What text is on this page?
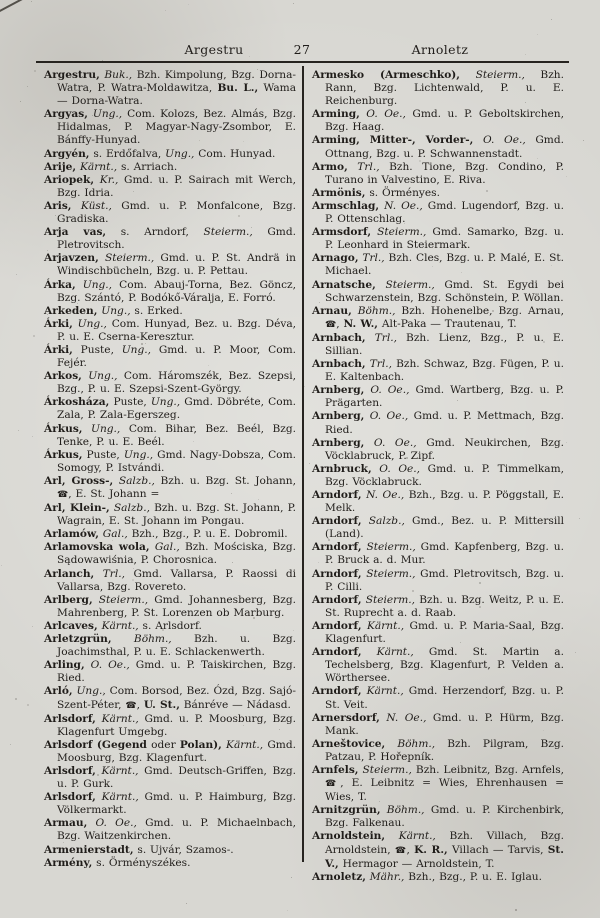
Argestru	27	Arnoletz

Argestru, Buk., Bzh. Kimpolung, Bzg. Dorna-Watra, P. Watra-Moldawitza, Bu. L., Wama — Dorna-Watra.

Argyas, Ung., Com. Kolozs, Bez. Almás, Bzg. Hidalmas, P. Magyar-Nagy-Zsombor, E. Bánffy-Hunyad.

Argyén, s. Erdőfalva, Ung., Com. Hunyad.

Arije, Kärnt., s. Arriach.

Ariopek, Kr., Gmd. u. P. Sairach mit Werch, Bzg. Idria.

Aris, Küst., Gmd. u. P. Monfalcone, Bzg. Gradiska.

Arja vas, s. Arndorf, Steierm., Gmd. Pletrovitsch.

Arjavzen, Steierm., Gmd. u. P. St. Andrä in Windischbücheln, Bzg. u. P. Pettau.

Árka, Ung., Com. Abauj-Torna, Bez. Göncz, Bzg. Szántó, P. Bodókő-Váralja, E. Forró.

Arkeden, Ung., s. Erked.

Árki, Ung., Com. Hunyad, Bez. u. Bzg. Déva, P. u. E. Cserna-Keresztur.

Árki, Puste, Ung., Gmd. u. P. Moor, Com. Fejér.

Arkos, Ung., Com. Háromszék, Bez. Szepsi, Bzg., P. u. E. Szepsi-Szent-György.

Árkosháza, Puste, Ung., Gmd. Döbréte, Com. Zala, P. Zala-Egerszeg.

Árkus, Ung., Com. Bihar, Bez. Beél, Bzg. Tenke, P. u. E. Beél.

Árkus, Puste, Ung., Gmd. Nagy-Dobsza, Com. Somogy, P. Istvándi.

Arl, Gross-, Salzb., Bzh. u. Bzg. St. Johann, ☎, E. St. Johann =

Arl, Klein-, Salzb., Bzh. u. Bzg. St. Johann, P. Wagrain, E. St. Johann im Pongau.

Arlamów, Gal., Bzh., Bzg., P. u. E. Dobromil.

Arlamovska wola, Gal., Bzh. Mościska, Bzg. Sądowawiśnia, P. Chorosnica.

Arlanch, Trl., Gmd. Vallarsa, P. Raossi di Vallarsa, Bzg. Rovereto.

Arlberg, Steierm., Gmd. Johannesberg, Bzg. Mahrenberg, P. St. Lorenzen ob Marburg.

Arlcaves, Kärnt., s. Arlsdorf.

Arletzgrün, Böhm., Bzh. u. Bzg. Joachimsthal, P. u. E. Schlackenwerth.

Arling, O. Oe., Gmd. u. P. Taiskirchen, Bzg. Ried.

Arló, Ung., Com. Borsod, Bez. Ózd, Bzg. Sajó-Szent-Péter, ☎, U. St., Bánréve — Nádasd.

Arlsdorf, Kärnt., Gmd. u. P. Moosburg, Bzg. Klagenfurt Umgebg.

Arlsdorf (Gegend oder Polan), Kärnt., Gmd. Moosburg, Bzg. Klagenfurt.

Arlsdorf, Kärnt., Gmd. Deutsch-Griffen, Bzg. u. P. Gurk.

Arlsdorf, Kärnt., Gmd. u. P. Haimburg, Bzg. Völkermarkt.

Armau, O. Oe., Gmd. u. P. Michaelnbach, Bzg. Waitzenkirchen.

Armenierstadt, s. Ujvár, Szamos-.

Armény, s. Örményszékes.

Armesko (Armeschko), Steierm., Bzh. Rann, Bzg. Lichtenwald, P. u. E. Reichenburg.

Arming, O. Oe., Gmd. u. P. Geboltskirchen, Bzg. Haag.

Arming, Mitter-, Vorder-, O. Oe., Gmd. Ottnang, Bzg. u. P. Schwannenstadt.

Armo, Trl., Bzh. Tione, Bzg. Condino, P. Turano in Valvestino, E. Riva.

Armönis, s. Örményes.

Armschlag, N. Oe., Gmd. Lugendorf, Bzg. u. P. Ottenschlag.

Armsdorf, Steierm., Gmd. Samarko, Bzg. u. P. Leonhard in Steiermark.

Arnago, Trl., Bzh. Cles, Bzg. u. P. Malé, E. St. Michael.

Arnatsche, Steierm., Gmd. St. Egydi bei Schwarzenstein, Bzg. Schönstein, P. Wöllan.

Arnau, Böhm., Bzh. Hohenelbe, Bzg. Arnau, ☎, N. W., Alt-Paka — Trautenau, T.

Arnbach, Trl., Bzh. Lienz, Bzg., P. u. E. Sillian.

Arnbach, Trl., Bzh. Schwaz, Bzg. Fügen, P. u. E. Kaltenbach.

Arnberg, O. Oe., Gmd. Wartberg, Bzg. u. P. Prägarten.

Arnberg, O. Oe., Gmd. u. P. Mettmach, Bzg. Ried.

Arnberg, O. Oe., Gmd. Neukirchen, Bzg. Vöcklabruck, P. Zipf.

Arnbruck, O. Oe., Gmd. u. P. Timmelkam, Bzg. Vöcklabruck.

Arndorf, N. Oe., Bzh., Bzg. u. P. Pöggstall, E. Melk.

Arndorf, Salzb., Gmd., Bez. u. P. Mittersill (Land).

Arndorf, Steierm., Gmd. Kapfenberg, Bzg. u. P. Bruck a. d. Mur.

Arndorf, Steierm., Gmd. Pletrovitsch, Bzg. u. P. Cilli.

Arndorf, Steierm., Bzh. u. Bzg. Weitz, P. u. E. St. Ruprecht a. d. Raab.

Arndorf, Kärnt., Gmd. u. P. Maria-Saal, Bzg. Klagenfurt.

Arndorf, Kärnt., Gmd. St. Martin a. Techelsberg, Bzg. Klagenfurt, P. Velden a. Wörthersee.

Arndorf, Kärnt., Gmd. Herzendorf, Bzg. u. P. St. Veit.

Arnersdorf, N. Oe., Gmd. u. P. Hürm, Bzg. Mank.

Arneštovice, Böhm., Bzh. Pilgram, Bzg. Patzau, P. Hořepník.

Arnfels, Steierm., Bzh. Leibnitz, Bzg. Arnfels, ☎, E. Leibnitz = Wies, Ehrenhausen = Wies, T.

Arnitzgrün, Böhm., Gmd. u. P. Kirchenbirk, Bzg. Falkenau.

Arnoldstein, Kärnt., Bzh. Villach, Bzg. Arnoldstein, ☎, K. R., Villach — Tarvis, St. V., Hermagor — Arnoldstein, T.

Arnoletz, Mähr., Bzh., Bzg., P. u. E. Iglau.
